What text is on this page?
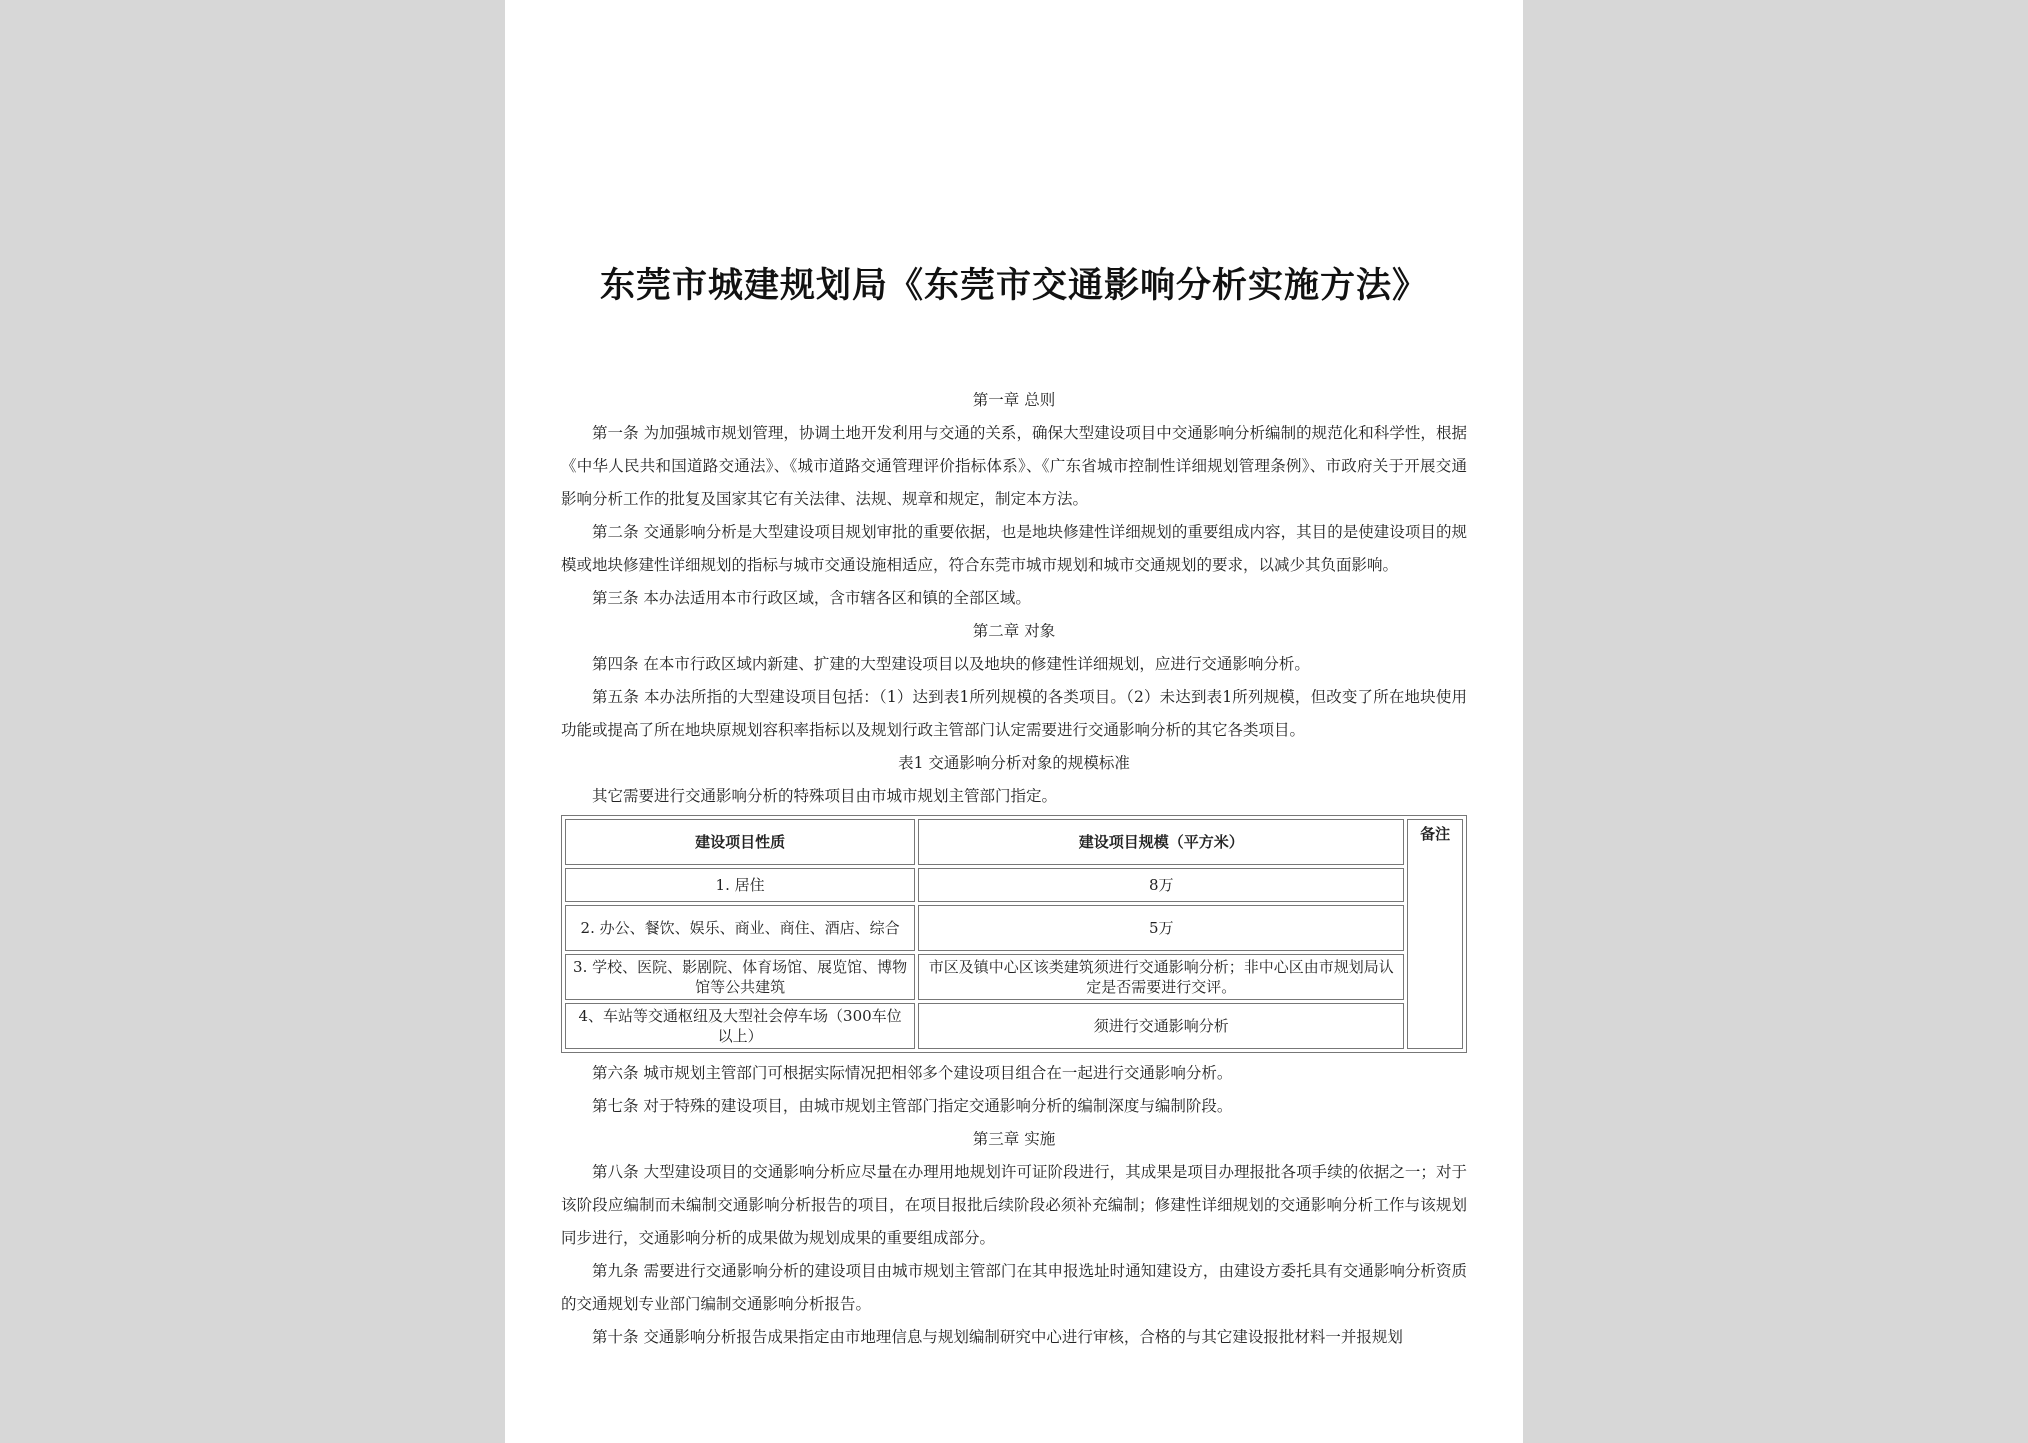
东莞市城建规划局《东莞市交通影响分析实施方法》

第一章 总则

第一条 为加强城市规划管理，协调土地开发利用与交通的关系，确保大型建设项目中交通影响分析编制的规范化和科学性，根据《中华人民共和国道路交通法》、《城市道路交通管理评价指标体系》、《广东省城市控制性详细规划管理条例》、市政府关于开展交通影响分析工作的批复及国家其它有关法律、法规、规章和规定，制定本方法。

第二条 交通影响分析是大型建设项目规划审批的重要依据，也是地块修建性详细规划的重要组成内容，其目的是使建设项目的规模或地块修建性详细规划的指标与城市交通设施相适应，符合东莞市城市规划和城市交通规划的要求，以减少其负面影响。

第三条 本办法适用本市行政区域，含市辖各区和镇的全部区域。

第二章 对象

第四条 在本市行政区域内新建、扩建的大型建设项目以及地块的修建性详细规划，应进行交通影响分析。

第五条 本办法所指的大型建设项目包括：（1）达到表1所列规模的各类项目。（2）未达到表1所列规模，但改变了所在地块使用功能或提高了所在地块原规划容积率指标以及规划行政主管部门认定需要进行交通影响分析的其它各类项目。

表1 交通影响分析对象的规模标准

其它需要进行交通影响分析的特殊项目由市城市规划主管部门指定。

建设项目性质	建设项目规模（平方米）	备注
1. 居住	8万	
2. 办公、餐饮、娱乐、商业、商住、酒店、综合	5万	
3. 学校、医院、影剧院、体育场馆、展览馆、博物馆等公共建筑	市区及镇中心区该类建筑须进行交通影响分析；非中心区由市规划局认定是否需要进行交评。	
4、车站等交通枢纽及大型社会停车场（300车位以上）	须进行交通影响分析	

第六条 城市规划主管部门可根据实际情况把相邻多个建设项目组合在一起进行交通影响分析。

第七条 对于特殊的建设项目，由城市规划主管部门指定交通影响分析的编制深度与编制阶段。

第三章 实施

第八条 大型建设项目的交通影响分析应尽量在办理用地规划许可证阶段进行，其成果是项目办理报批各项手续的依据之一；对于该阶段应编制而未编制交通影响分析报告的项目，在项目报批后续阶段必须补充编制；修建性详细规划的交通影响分析工作与该规划同步进行，交通影响分析的成果做为规划成果的重要组成部分。

第九条 需要进行交通影响分析的建设项目由城市规划主管部门在其申报选址时通知建设方，由建设方委托具有交通影响分析资质的交通规划专业部门编制交通影响分析报告。

第十条 交通影响分析报告成果指定由市地理信息与规划编制研究中心进行审核，合格的与其它建设报批材料一并报规划
